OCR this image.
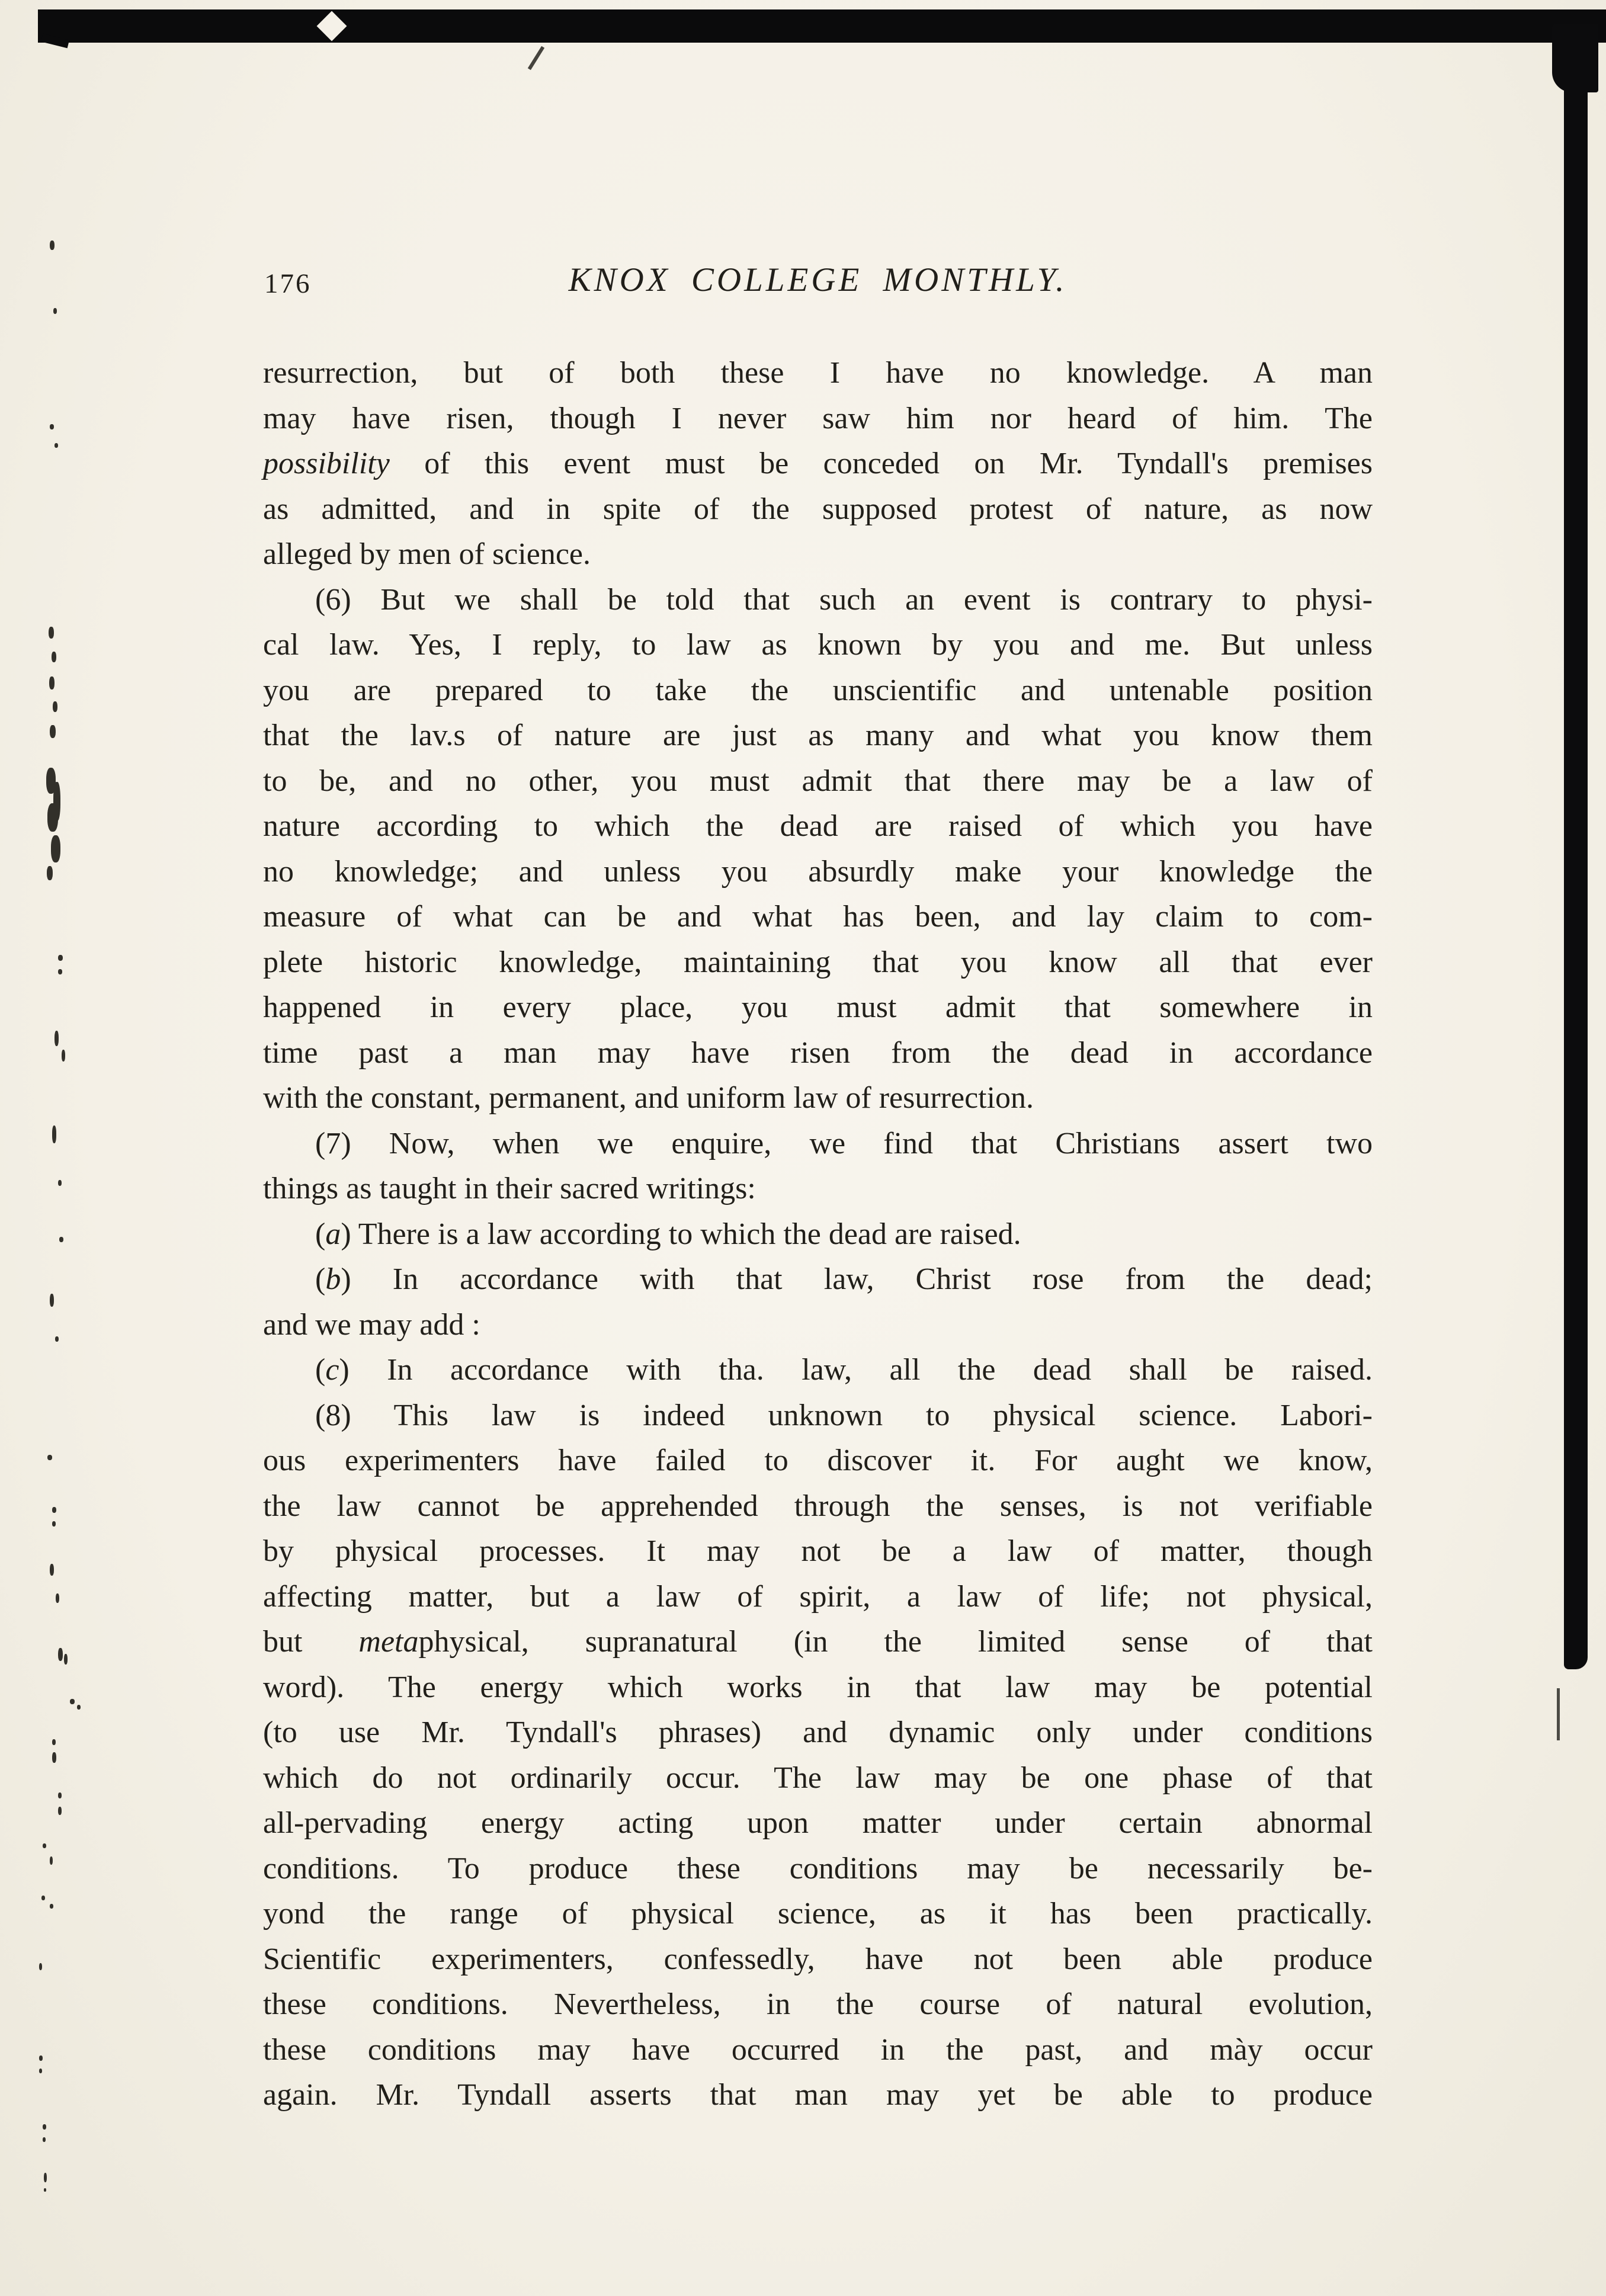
176	KNOX COLLEGE MONTHLY.
resurrection, but of both these I have no knowledge. A man
may have risen, though I never saw him nor heard of him. The
possibility of this event must be conceded on Mr. Tyndall's premises
as admitted, and in spite of the supposed protest of nature, as now
alleged by men of science.
(6) But we shall be told that such an event is contrary to physi-
cal law. Yes, I reply, to law as known by you and me. But unless
you are prepared to take the unscientific and untenable position
that the lav.s of nature are just as many and what you know them
to be, and no other, you must admit that there may be a law of
nature according to which the dead are raised of which you have
no knowledge; and unless you absurdly make your knowledge the
measure of what can be and what has been, and lay claim to com-
plete historic knowledge, maintaining that you know all that ever
happened in every place, you must admit that somewhere in
time past a man may have risen from the dead in accordance
with the constant, permanent, and uniform law of resurrection.
(7) Now, when we enquire, we find that Christians assert two
things as taught in their sacred writings:
(a) There is a law according to which the dead are raised.
(b) In accordance with that law, Christ rose from the dead;
and we may add :
(c) In accordance with tha. law, all the dead shall be raised.
(8) This law is indeed unknown to physical science. Labori-
ous experimenters have failed to discover it. For aught we know,
the law cannot be apprehended through the senses, is not verifiable
by physical processes. It may not be a law of matter, though
affecting matter, but a law of spirit, a law of life; not physical,
but metaphysical, supranatural (in the limited sense of that
word). The energy which works in that law may be potential
(to use Mr. Tyndall's phrases) and dynamic only under conditions
which do not ordinarily occur. The law may be one phase of that
all-pervading energy acting upon matter under certain abnormal
conditions. To produce these conditions may be necessarily be-
yond the range of physical science, as it has been practically.
Scientific experimenters, confessedly, have not been able produce
these conditions. Nevertheless, in the course of natural evolution,
these conditions may have occurred in the past, and mày occur
again. Mr. Tyndall asserts that man may yet be able to produce
